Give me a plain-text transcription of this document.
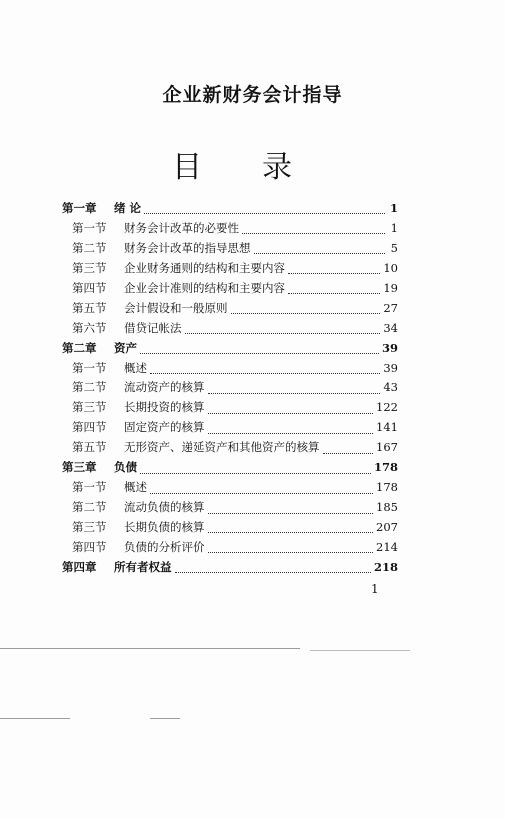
企业新财务会计指导
目 录
第一章	绪 论	1
第一节	财务会计改革的必要性	1
第二节	财务会计改革的指导思想	5
第三节	企业财务通则的结构和主要内容	10
第四节	企业会计准则的结构和主要内容	19
第五节	会计假设和一般原则	27
第六节	借贷记帐法	34
第二章	资产	39
第一节	概述	39
第二节	流动资产的核算	43
第三节	长期投资的核算	122
第四节	固定资产的核算	141
第五节	无形资产、递延资产和其他资产的核算	167
第三章	负债	178
第一节	概述	178
第二节	流动负债的核算	185
第三节	长期负债的核算	207
第四节	负债的分析评价	214
第四章	所有者权益	218
1
